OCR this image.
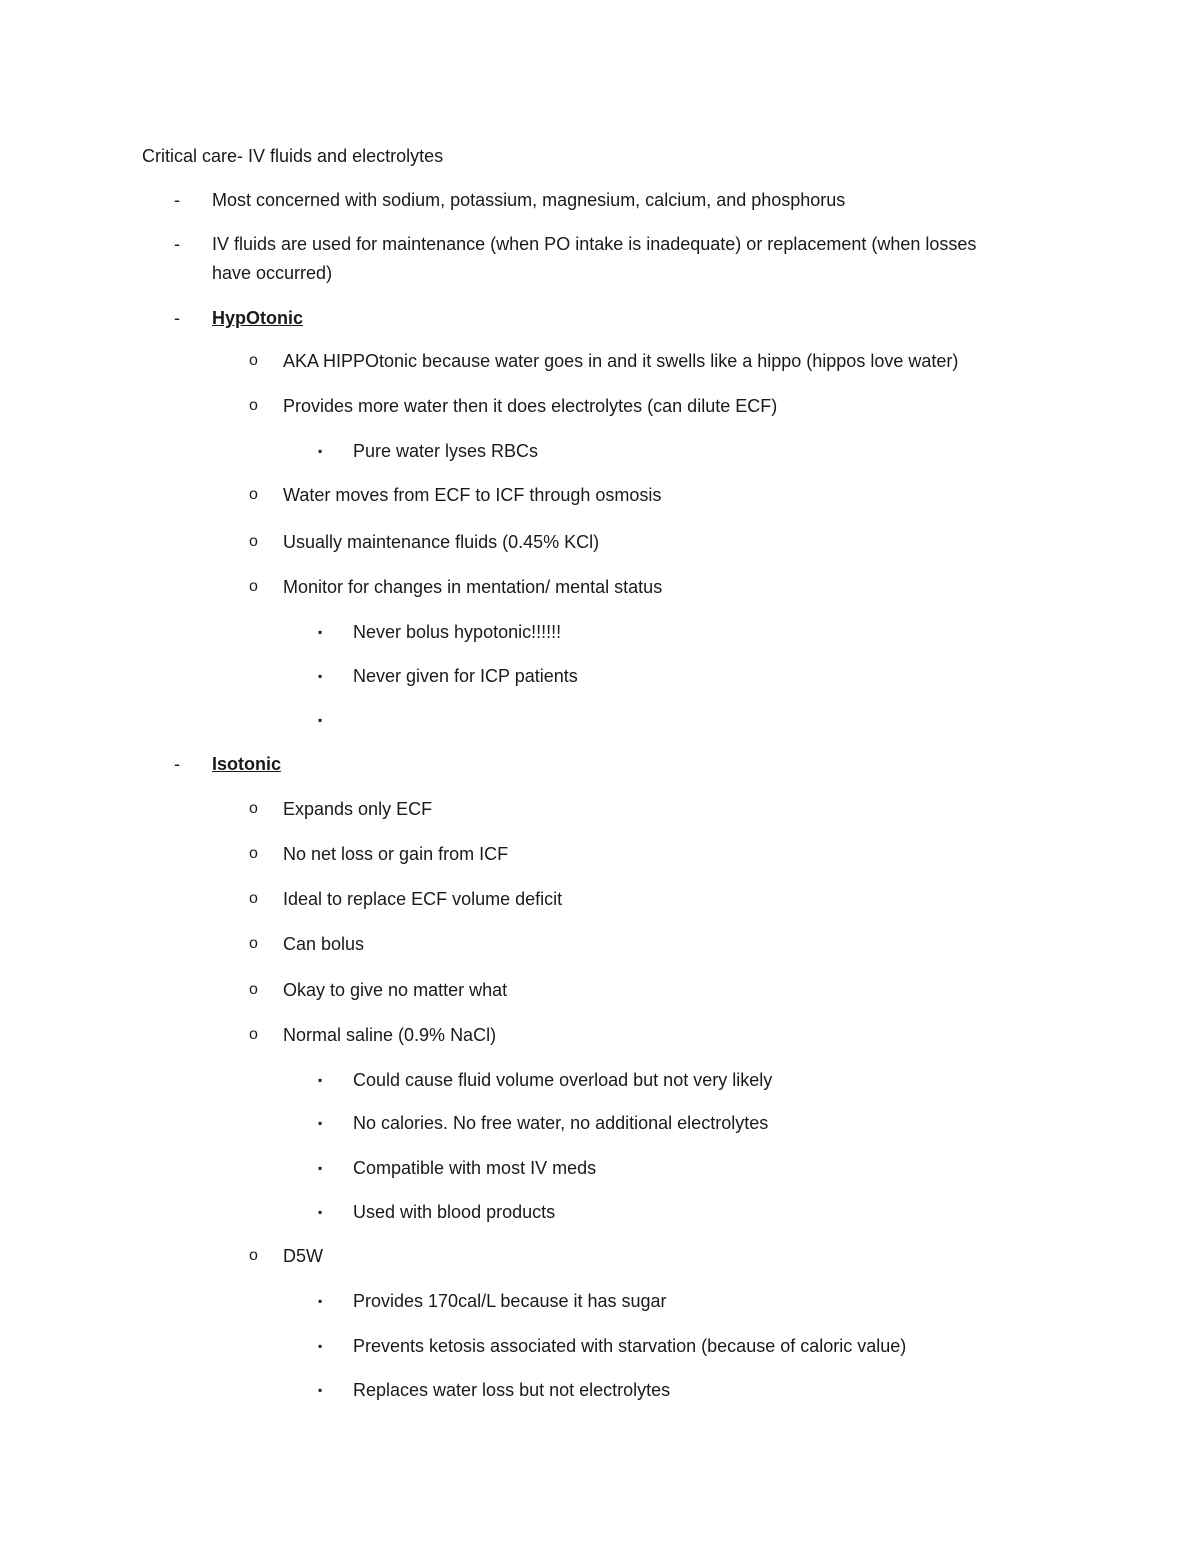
Critical care- IV fluids and electrolytes
- Most concerned with sodium, potassium, magnesium, calcium, and phosphorus
- IV fluids are used for maintenance (when PO intake is inadequate) or replacement (when losses
have occurred)
- HypOtonic
o AKA HIPPOtonic because water goes in and it swells like a hippo (hippos love water)
o Provides more water then it does electrolytes (can dilute ECF)
▪ Pure water lyses RBCs
o Water moves from ECF to ICF through osmosis
o Usually maintenance fluids (0.45% KCl)
o Monitor for changes in mentation/ mental status
▪ Never bolus hypotonic!!!!!!
▪ Never given for ICP patients
▪
- Isotonic
o Expands only ECF
o No net loss or gain from ICF
o Ideal to replace ECF volume deficit
o Can bolus
o Okay to give no matter what
o Normal saline (0.9% NaCl)
▪ Could cause fluid volume overload but not very likely
▪ No calories. No free water, no additional electrolytes
▪ Compatible with most IV meds
▪ Used with blood products
o D5W
▪ Provides 170cal/L because it has sugar
▪ Prevents ketosis associated with starvation (because of caloric value)
▪ Replaces water loss but not electrolytes
